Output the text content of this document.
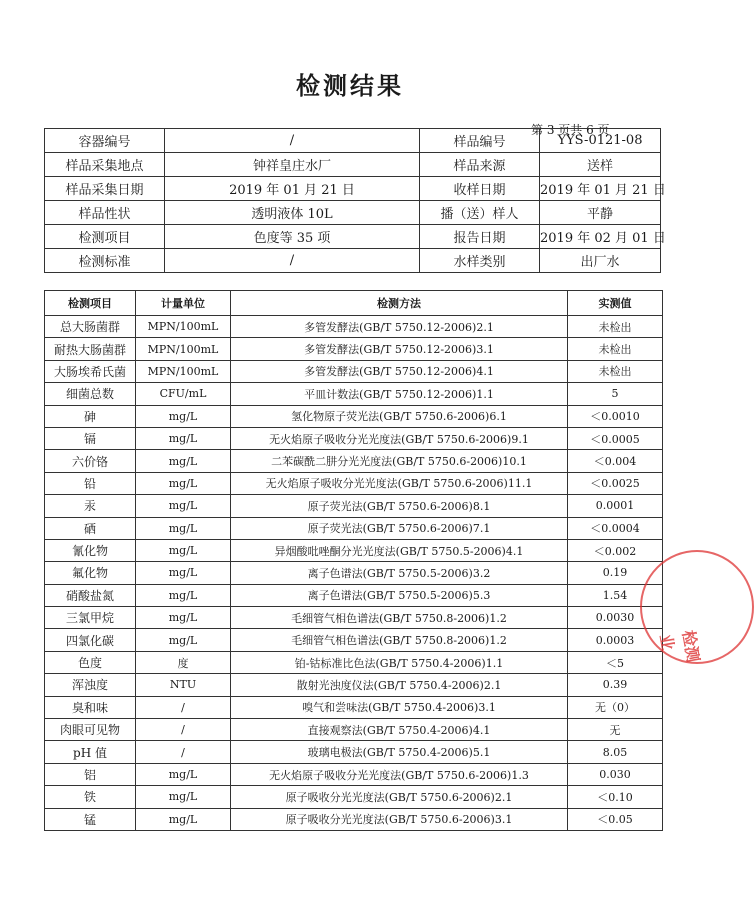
检测结果
第 3 页共 6 页
容器编号	/	样品编号	YYS-0121-08
样品采集地点	钟祥皇庄水厂	样品来源	送样
样品采集日期	2019 年 01 月 21 日	收样日期	2019 年 01 月 21 日
样品性状	透明液体 10L	播（送）样人	平静
检测项目	色度等 35 项	报告日期	2019 年 02 月 01 日
检测标准	/	水样类别	出厂水
检测项目	计量单位	检测方法	实测值
总大肠菌群	MPN/100mL	多管发酵法(GB/T 5750.12-2006)2.1	未检出
耐热大肠菌群	MPN/100mL	多管发酵法(GB/T 5750.12-2006)3.1	未检出
大肠埃希氏菌	MPN/100mL	多管发酵法(GB/T 5750.12-2006)4.1	未检出
细菌总数	CFU/mL	平皿计数法(GB/T 5750.12-2006)1.1	5
砷	mg/L	氢化物原子荧光法(GB/T 5750.6-2006)6.1	＜0.0010
镉	mg/L	无火焰原子吸收分光光度法(GB/T 5750.6-2006)9.1	＜0.0005
六价铬	mg/L	二苯碳酰二肼分光光度法(GB/T 5750.6-2006)10.1	＜0.004
铅	mg/L	无火焰原子吸收分光光度法(GB/T 5750.6-2006)11.1	＜0.0025
汞	mg/L	原子荧光法(GB/T 5750.6-2006)8.1	0.0001
硒	mg/L	原子荧光法(GB/T 5750.6-2006)7.1	＜0.0004
氰化物	mg/L	异烟酸吡唑酮分光光度法(GB/T 5750.5-2006)4.1	＜0.002
氟化物	mg/L	离子色谱法(GB/T 5750.5-2006)3.2	0.19
硝酸盐氮	mg/L	离子色谱法(GB/T 5750.5-2006)5.3	1.54
三氯甲烷	mg/L	毛细管气相色谱法(GB/T 5750.8-2006)1.2	0.0030
四氯化碳	mg/L	毛细管气相色谱法(GB/T 5750.8-2006)1.2	0.0003
色度	度	铂-钴标准比色法(GB/T 5750.4-2006)1.1	＜5
浑浊度	NTU	散射光浊度仪法(GB/T 5750.4-2006)2.1	0.39
臭和味	/	嗅气和尝味法(GB/T 5750.4-2006)3.1	无（0）
肉眼可见物	/	直接观察法(GB/T 5750.4-2006)4.1	无
pH 值	/	玻璃电极法(GB/T 5750.4-2006)5.1	8.05
铝	mg/L	无火焰原子吸收分光光度法(GB/T 5750.6-2006)1.3	0.030
铁	mg/L	原子吸收分光光度法(GB/T 5750.6-2006)2.1	＜0.10
锰	mg/L	原子吸收分光光度法(GB/T 5750.6-2006)3.1	＜0.05
检测业
